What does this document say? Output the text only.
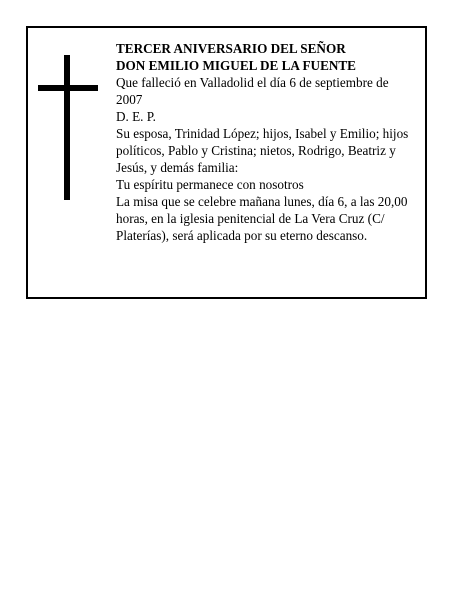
TERCER ANIVERSARIO DEL SEÑOR

DON EMILIO MIGUEL DE LA FUENTE

Que falleció en Valladolid el día 6 de septiembre de 2007

D. E. P.

Su esposa, Trinidad López; hijos, Isabel y Emilio; hijos políticos, Pablo y Cristina; nietos, Rodrigo, Beatriz y Jesús, y demás familia:

Tu espíritu permanece con nosotros

La misa que se celebre mañana lunes, día 6, a las 20,00 horas, en la iglesia penitencial de La Vera Cruz (C/ Platerías), será aplicada por su eterno descanso.
